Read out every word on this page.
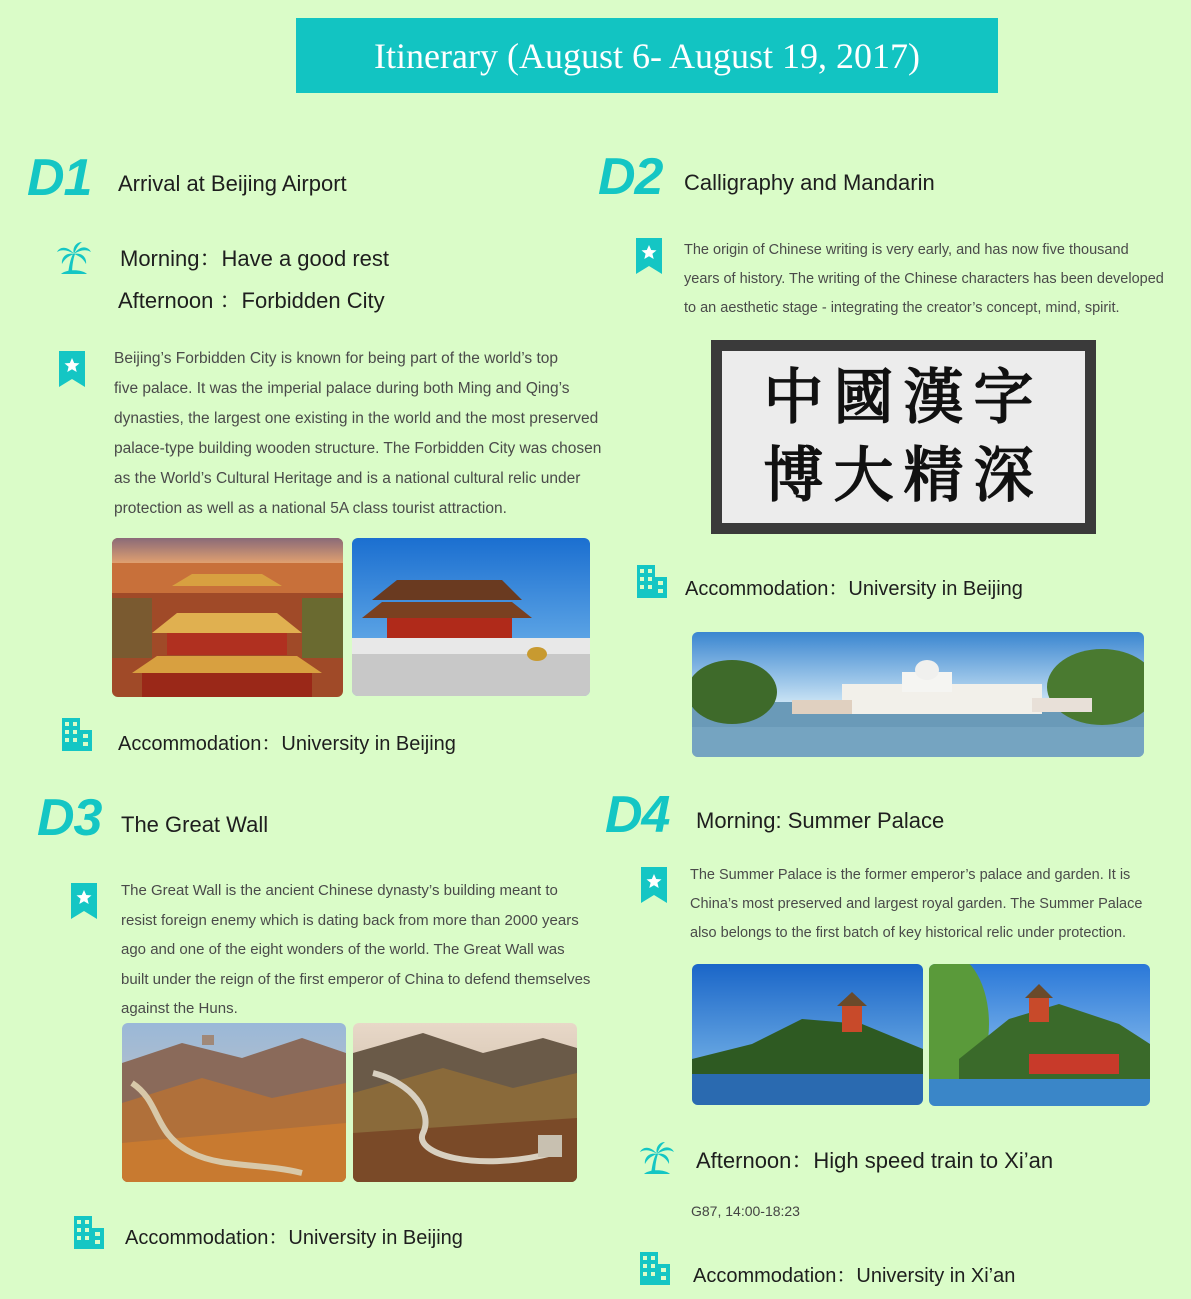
Itinerary (August 6- August 19, 2017)
D1 Arrival at Beijing Airport
Morning：Have a good rest
Afternoon ：Forbidden City
Beijing’s Forbidden City is known for being part of the world’s top
five palace. It was the imperial palace during both Ming and Qing’s
dynasties, the largest one existing in the world and the most preserved
palace-type building wooden structure. The Forbidden City was chosen
as the World’s Cultural Heritage and is a national cultural relic under
protection as well as a national 5A class tourist attraction.
Accommodation：University in Beijing
D2 Calligraphy and Mandarin
The origin of Chinese writing is very early, and has now five thousand
years of history. The writing of the Chinese characters has been developed
to an aesthetic stage - integrating the creator’s concept, mind, spirit.
中國漢字
博大精深
Accommodation：University in Beijing
D3 The Great Wall
The Great Wall is the ancient Chinese dynasty’s building meant to
resist foreign enemy which is dating back from more than 2000 years
ago and one of the eight wonders of the world. The Great Wall was
built under the reign of the first emperor of China to defend themselves
against the Huns.
Accommodation：University in Beijing
D4 Morning: Summer Palace
The Summer Palace is the former emperor’s palace and garden. It is
China’s most preserved and largest royal garden. The Summer Palace
also belongs to the first batch of key historical relic under protection.
Afternoon：High speed train to Xi’an
G87, 14:00-18:23
Accommodation：University in Xi’an
